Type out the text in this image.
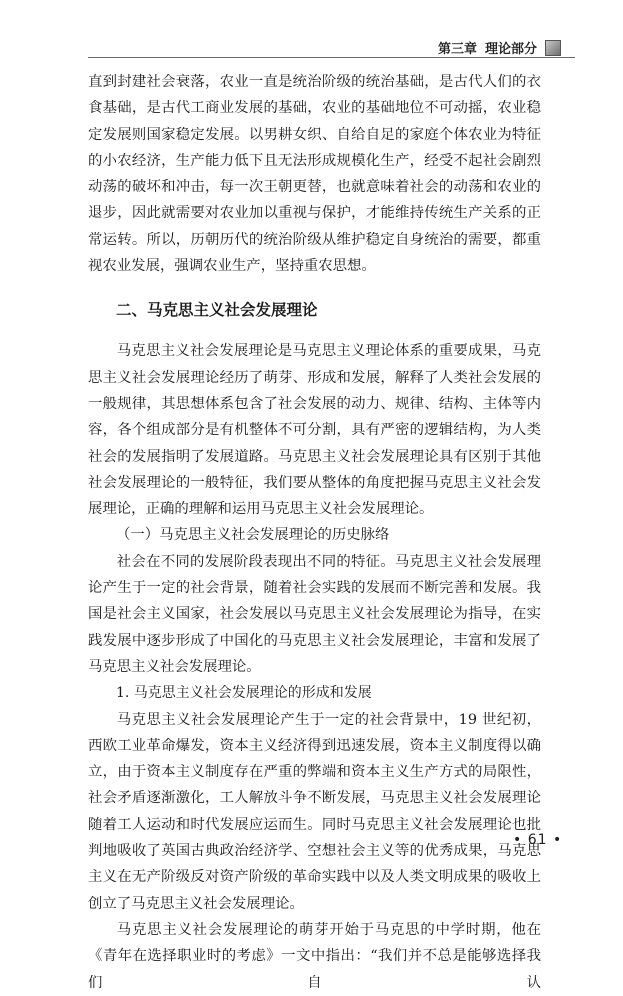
第三章 理论部分

直到封建社会衰落，农业一直是统治阶级的统治基础，是古代人们的衣食基础，是古代工商业发展的基础，农业的基础地位不可动摇，农业稳定发展则国家稳定发展。以男耕女织、自给自足的家庭个体农业为特征的小农经济，生产能力低下且无法形成规模化生产，经受不起社会剧烈动荡的破坏和冲击，每一次王朝更替，也就意味着社会的动荡和农业的退步，因此就需要对农业加以重视与保护，才能维持传统生产关系的正常运转。所以，历朝历代的统治阶级从维护稳定自身统治的需要，都重视农业发展，强调农业生产，坚持重农思想。

二、马克思主义社会发展理论

马克思主义社会发展理论是马克思主义理论体系的重要成果，马克思主义社会发展理论经历了萌芽、形成和发展，解释了人类社会发展的一般规律，其思想体系包含了社会发展的动力、规律、结构、主体等内容，各个组成部分是有机整体不可分割，具有严密的逻辑结构，为人类社会的发展指明了发展道路。马克思主义社会发展理论具有区别于其他社会发展理论的一般特征，我们要从整体的角度把握马克思主义社会发展理论，正确的理解和运用马克思主义社会发展理论。

（一）马克思主义社会发展理论的历史脉络

社会在不同的发展阶段表现出不同的特征。马克思主义社会发展理论产生于一定的社会背景，随着社会实践的发展而不断完善和发展。我国是社会主义国家，社会发展以马克思主义社会发展理论为指导，在实践发展中逐步形成了中国化的马克思主义社会发展理论，丰富和发展了马克思主义社会发展理论。

1. 马克思主义社会发展理论的形成和发展

马克思主义社会发展理论产生于一定的社会背景中，19 世纪初，西欧工业革命爆发，资本主义经济得到迅速发展，资本主义制度得以确立，由于资本主义制度存在严重的弊端和资本主义生产方式的局限性，社会矛盾逐渐激化，工人解放斗争不断发展，马克思主义社会发展理论随着工人运动和时代发展应运而生。同时马克思主义社会发展理论也批判地吸收了英国古典政治经济学、空想社会主义等的优秀成果，马克思主义在无产阶级反对资产阶级的革命实践中以及人类文明成果的吸收上创立了马克思主义社会发展理论。

马克思主义社会发展理论的萌芽开始于马克思的中学时期，他在《青年在选择职业时的考虑》一文中指出：“我们并不总是能够选择我们自认

• 61 •
